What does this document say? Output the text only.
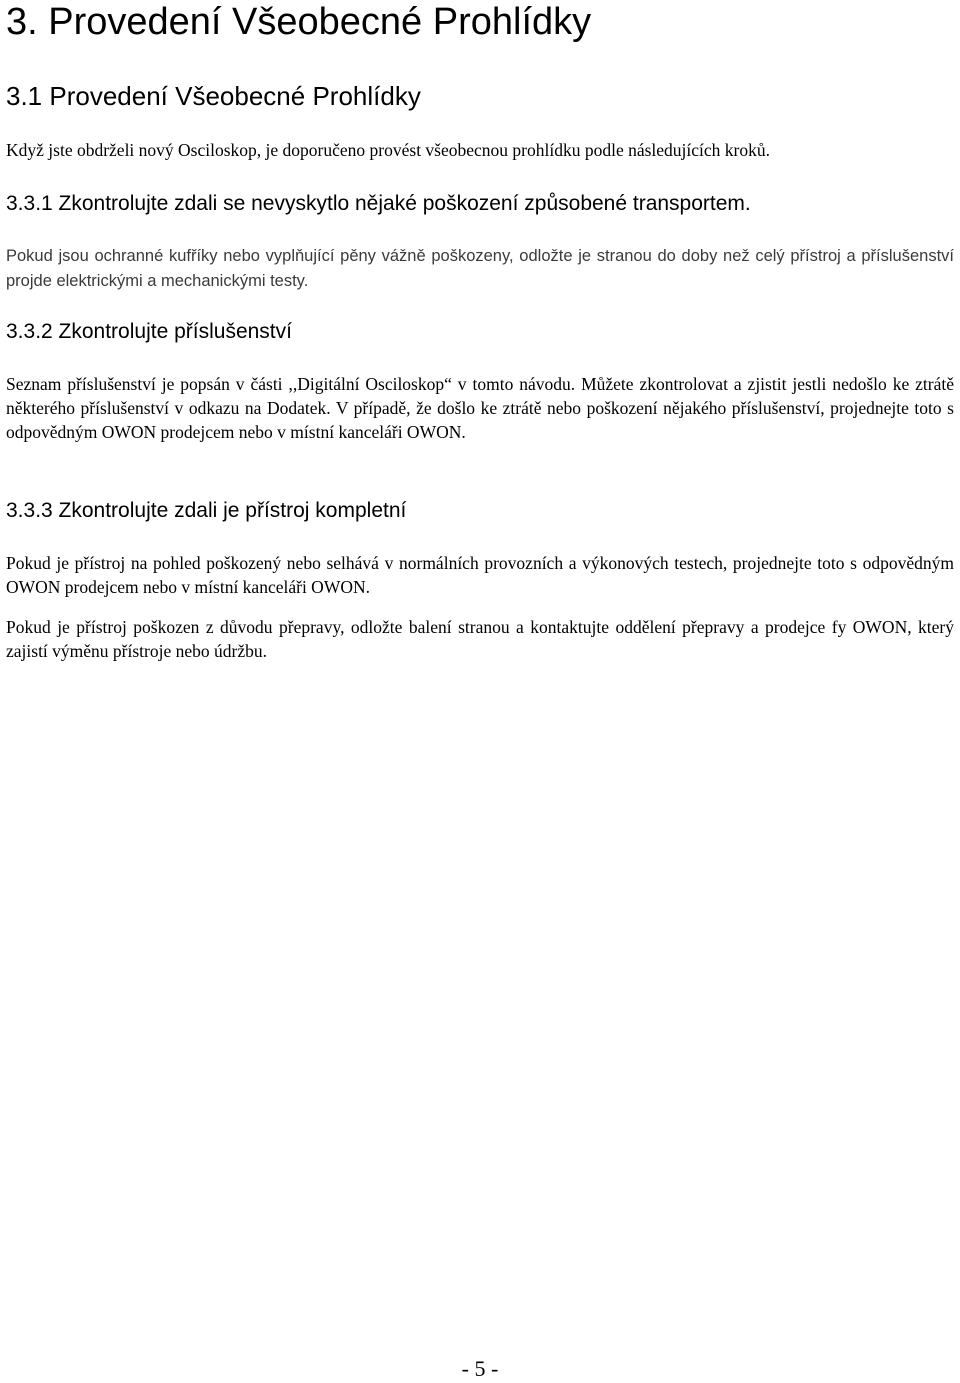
3. Provedení Všeobecné Prohlídky
3.1 Provedení Všeobecné Prohlídky

Když jste obdrželi nový Osciloskop, je doporučeno provést všeobecnou prohlídku podle následujících kroků.

3.3.1 Zkontrolujte zdali se nevyskytlo nějaké poškození způsobené transportem.

Pokud jsou ochranné kufříky nebo vyplňující pěny vážně poškozeny, odložte je stranou do doby než celý přístroj a příslušenství projde elektrickými a mechanickými testy.

3.3.2 Zkontrolujte příslušenství

Seznam příslušenství je popsán v části ,,Digitální Osciloskop“ v tomto návodu. Můžete zkontrolovat a zjistit jestli nedošlo ke ztrátě některého příslušenství v odkazu na Dodatek. V případě, že došlo ke ztrátě nebo poškození nějakého příslušenství, projednejte toto s odpovědným OWON prodejcem nebo v místní kanceláři OWON.

3.3.3 Zkontrolujte zdali je přístroj kompletní

Pokud je přístroj na pohled poškozený nebo selhává v normálních provozních a výkonových testech, projednejte toto s odpovědným OWON prodejcem nebo v místní kanceláři OWON.

Pokud je přístroj poškozen z důvodu přepravy, odložte balení stranou a kontaktujte oddělení přepravy a prodejce fy OWON, který zajistí výměnu přístroje nebo údržbu.

- 5 -
